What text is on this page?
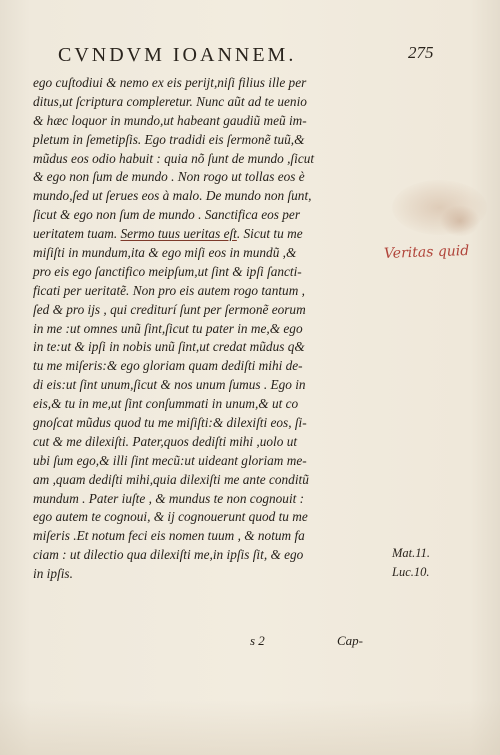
CVNDVM IOANNEM.	275
ego cuſtodiui & nemo ex eis perijt,niſi filius ille per
ditus,ut ſcriptura compleretur. Nunc aũt ad te uenio
& hæc loquor in mundo,ut habeant gaudiũ meũ im-
pletum in ſemetipſis. Ego tradidi eis ſermonẽ tuũ,&
mũdus eos odio habuit : quia nõ ſunt de mundo ,ſicut
& ego non ſum de mundo . Non rogo ut tollas eos è
mundo,ſed ut ſerues eos à malo. De mundo non ſunt,
ſicut & ego non ſum de mundo . Sanctifica eos per
ueritatem tuam. Sermo tuus ueritas eſt. Sicut tu me
miſiſti in mundum,ita & ego miſi eos in mundũ ,&
pro eis ego ſanctifico meipſum,ut ſint & ipſi ſancti-
ficati per ueritatẽ. Non pro eis autem rogo tantum ,
ſed & pro ijs , qui crediturí ſunt per ſermonẽ eorum
in me :ut omnes unũ ſint,ſicut tu pater in me,& ego
in te:ut & ipſi in nobis unũ ſint,ut credat mũdus q&
tu me miſeris:& ego gloriam quam dediſti mihi de-
di eis:ut ſint unum,ſicut & nos unum ſumus . Ego in
eis,& tu in me,ut ſint conſummati in unum,& ut co
gnoſcat mũdus quod tu me miſiſti:& dilexiſti eos, ſi-
cut & me dilexiſti. Pater,quos dediſti mihi ,uolo ut
ubi ſum ego,& illi ſint mecũ:ut uideant gloriam me-
am ,quam dediſti mihi,quia dilexiſti me ante conditũ
mundum . Pater iuſte , & mundus te non cognouit :
ego autem te cognoui, & ij cognouerunt quod tu me
miſeris .Et notum feci eis nomen tuum , & notum fa
ciam : ut dilectio qua dilexiſti me,in ipſis ſit, & ego
in ipſis.
Veritas quid
Mat.11.
Luc.10.
s 2	Cap-
